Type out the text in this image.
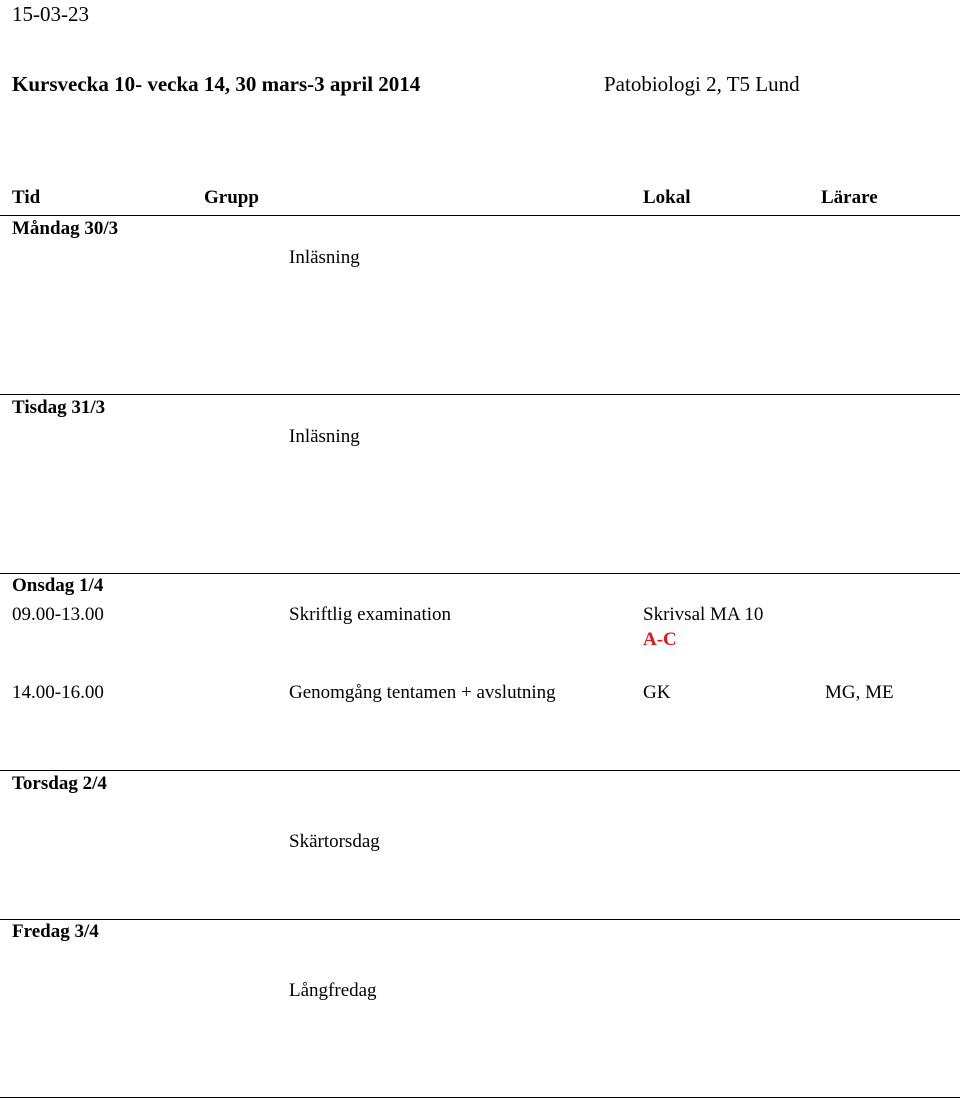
15-03-23
Kursvecka 10- vecka 14, 30 mars-3 april 2014	Patobiologi 2, T5 Lund
Tid	Grupp	Lokal	Lärare
Måndag 30/3
Inläsning
Tisdag 31/3
Inläsning
Onsdag 1/4
09.00-13.00	Skriftlig examination	Skrivsal MA 10
A-C
14.00-16.00	Genomgång tentamen + avslutning	GK	MG, ME
Torsdag 2/4
Skärtorsdag
Fredag 3/4
Långfredag
